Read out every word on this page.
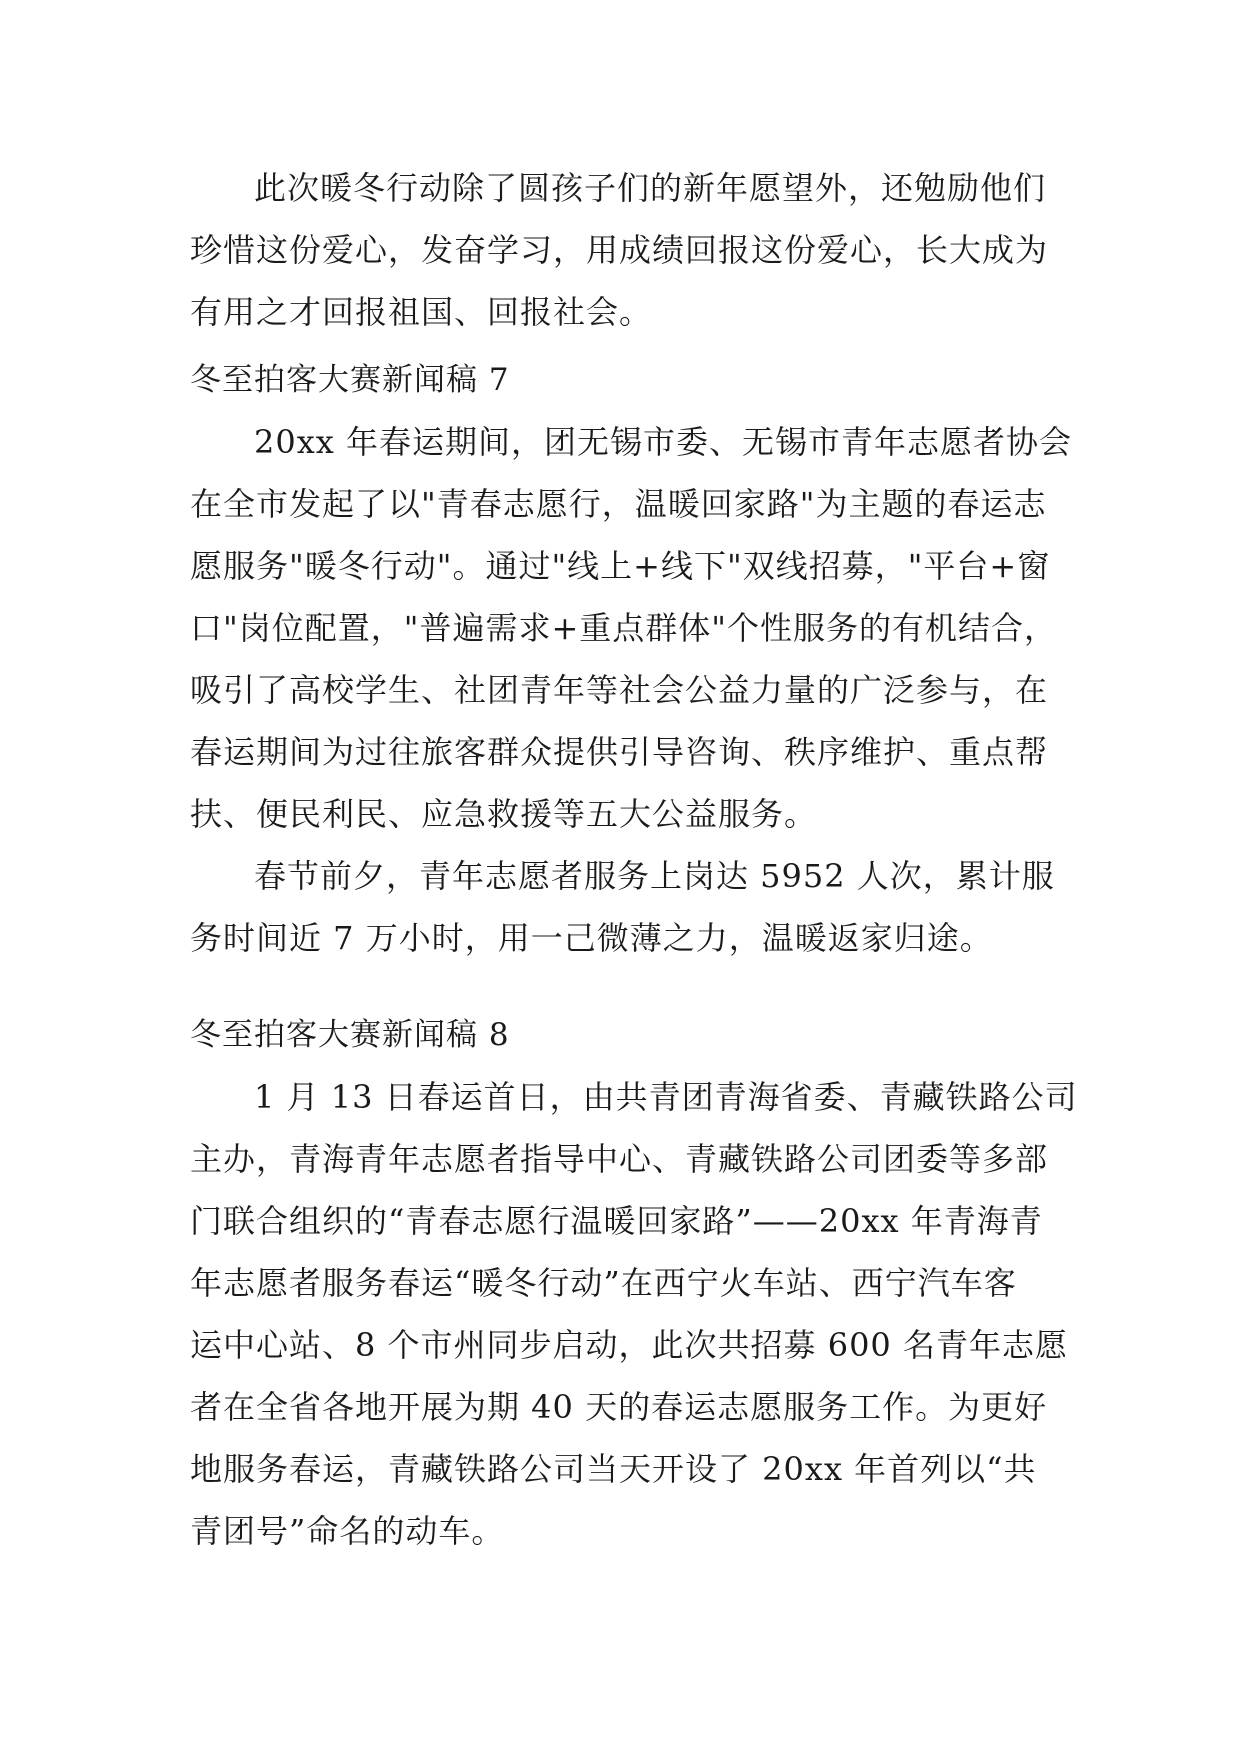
此次暖冬行动除了圆孩子们的新年愿望外，还勉励他们
珍惜这份爱心，发奋学习，用成绩回报这份爱心，长大成为
有用之才回报祖国、回报社会。
冬至拍客大赛新闻稿 7
20xx 年春运期间，团无锡市委、无锡市青年志愿者协会
在全市发起了以"青春志愿行，温暖回家路"为主题的春运志
愿服务"暖冬行动"。通过"线上+线下"双线招募，"平台+窗
口"岗位配置，"普遍需求+重点群体"个性服务的有机结合，
吸引了高校学生、社团青年等社会公益力量的广泛参与，在
春运期间为过往旅客群众提供引导咨询、秩序维护、重点帮
扶、便民利民、应急救援等五大公益服务。
春节前夕，青年志愿者服务上岗达 5952 人次，累计服
务时间近 7 万小时，用一己微薄之力，温暖返家归途。
冬至拍客大赛新闻稿 8
1 月 13 日春运首日，由共青团青海省委、青藏铁路公司
主办，青海青年志愿者指导中心、青藏铁路公司团委等多部
门联合组织的“青春志愿行温暖回家路”——20xx 年青海青
年志愿者服务春运“暖冬行动”在西宁火车站、西宁汽车客
运中心站、8 个市州同步启动，此次共招募 600 名青年志愿
者在全省各地开展为期 40 天的春运志愿服务工作。为更好
地服务春运，青藏铁路公司当天开设了 20xx 年首列以“共
青团号”命名的动车。
